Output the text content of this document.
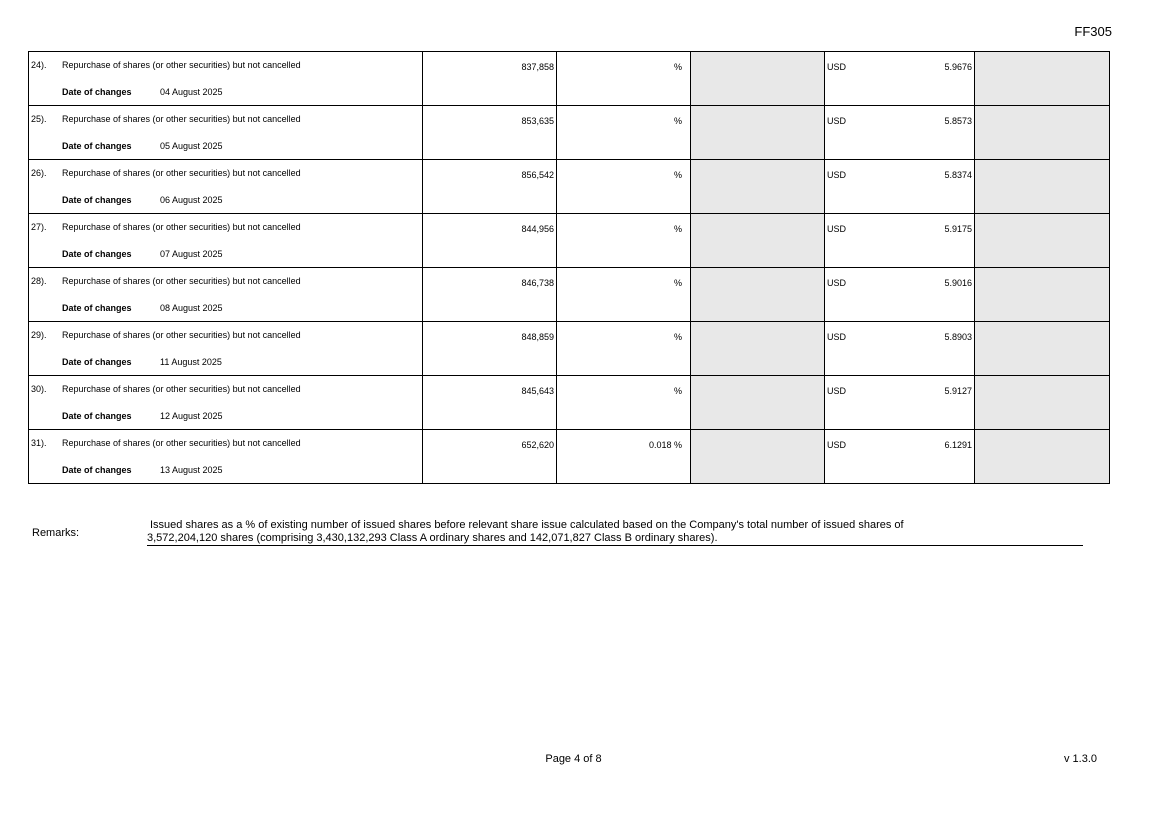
FF305
24). Repurchase of shares (or other securities) but not cancelled
Date of changes 04 August 2025	837,858	%		USD 5.9676	

25). Repurchase of shares (or other securities) but not cancelled
Date of changes 05 August 2025	853,635	%		USD 5.8573	

26). Repurchase of shares (or other securities) but not cancelled
Date of changes 06 August 2025	856,542	%		USD 5.8374	

27). Repurchase of shares (or other securities) but not cancelled
Date of changes 07 August 2025	844,956	%		USD 5.9175	

28). Repurchase of shares (or other securities) but not cancelled
Date of changes 08 August 2025	846,738	%		USD 5.9016	

29). Repurchase of shares (or other securities) but not cancelled
Date of changes 11 August 2025	848,859	%		USD 5.8903	

30). Repurchase of shares (or other securities) but not cancelled
Date of changes 12 August 2025	845,643	%		USD 5.9127	

31). Repurchase of shares (or other securities) but not cancelled
Date of changes 13 August 2025	652,620	0.018 %		USD 6.1291	

Remarks:
Issued shares as a % of existing number of issued shares before relevant share issue calculated based on the Company's total number of issued shares of
3,572,204,120 shares (comprising 3,430,132,293 Class A ordinary shares and 142,071,827 Class B ordinary shares).
Page 4 of 8	v 1.3.0
